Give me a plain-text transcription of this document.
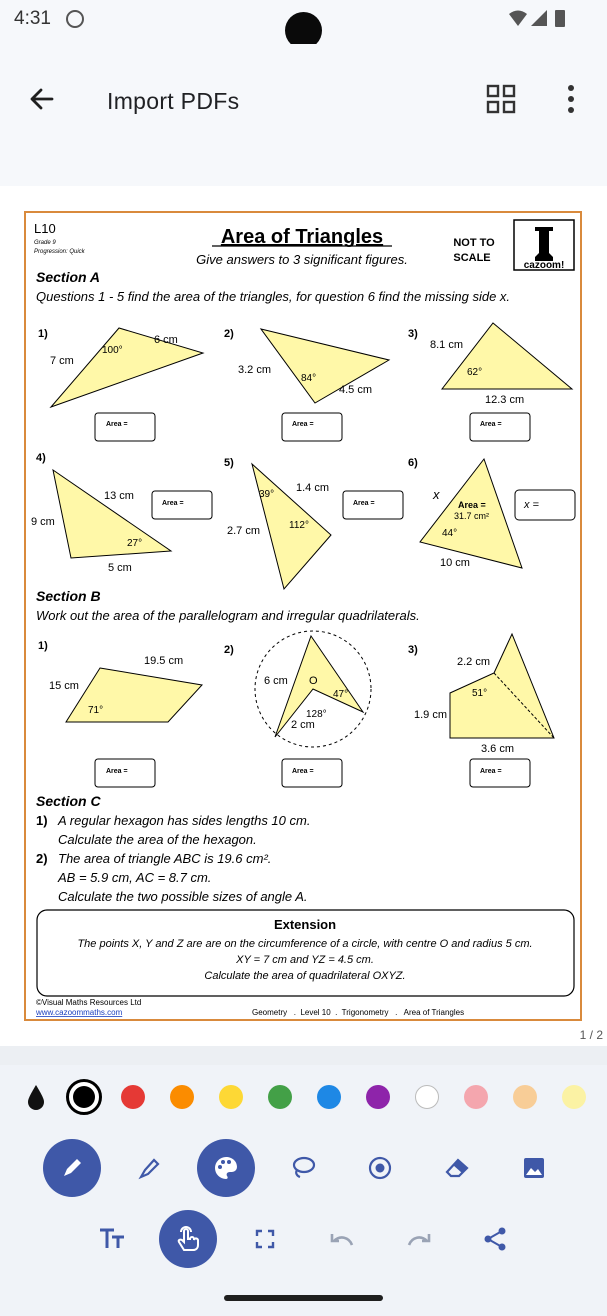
4:31
Import PDFs
L10
Grade 9
Progression: Quick
Area of Triangles
Give answers to 3 significant figures.
NOT TO
SCALE
cazoom!
Section A
Questions 1 - 5 find the area of the triangles, for question 6 find the missing side x.
1)	6 cm
7 cm
100°
2)
3.2 cm
4.5 cm
84°
3)
8.1 cm
12.3 cm
62°
Area =	Area =	Area =
4)
13 cm
9 cm
5 cm
27°
Area =
5)
1.4 cm
2.7 cm
39°
112°
Area =
6)
x
Area =
31.7 cm²
44°
10 cm
x =
Section B
Work out the area of the parallelogram and irregular quadrilaterals.
1)
19.5 cm
15 cm
71°
2)
O
6 cm
2 cm
47°
128°
3)
2.2 cm
1.9 cm
3.6 cm
51°
Area =	Area =	Area =
Section C
1) A regular hexagon has sides lengths 10 cm.
Calculate the area of the hexagon.
2) The area of triangle ABC is 19.6 cm².
AB = 5.9 cm, AC = 8.7 cm.
Calculate the two possible sizes of angle A.
Extension
The points X, Y and Z are are on the circumference of a circle, with centre O and radius 5 cm.
XY = 7 cm and YZ = 4.5 cm.
Calculate the area of quadrilateral OXYZ.
©Visual Maths Resources Ltd
www.cazoommaths.com	Geometry   .  Level 10  .  Trigonometry   .   Area of Triangles
1 / 2
